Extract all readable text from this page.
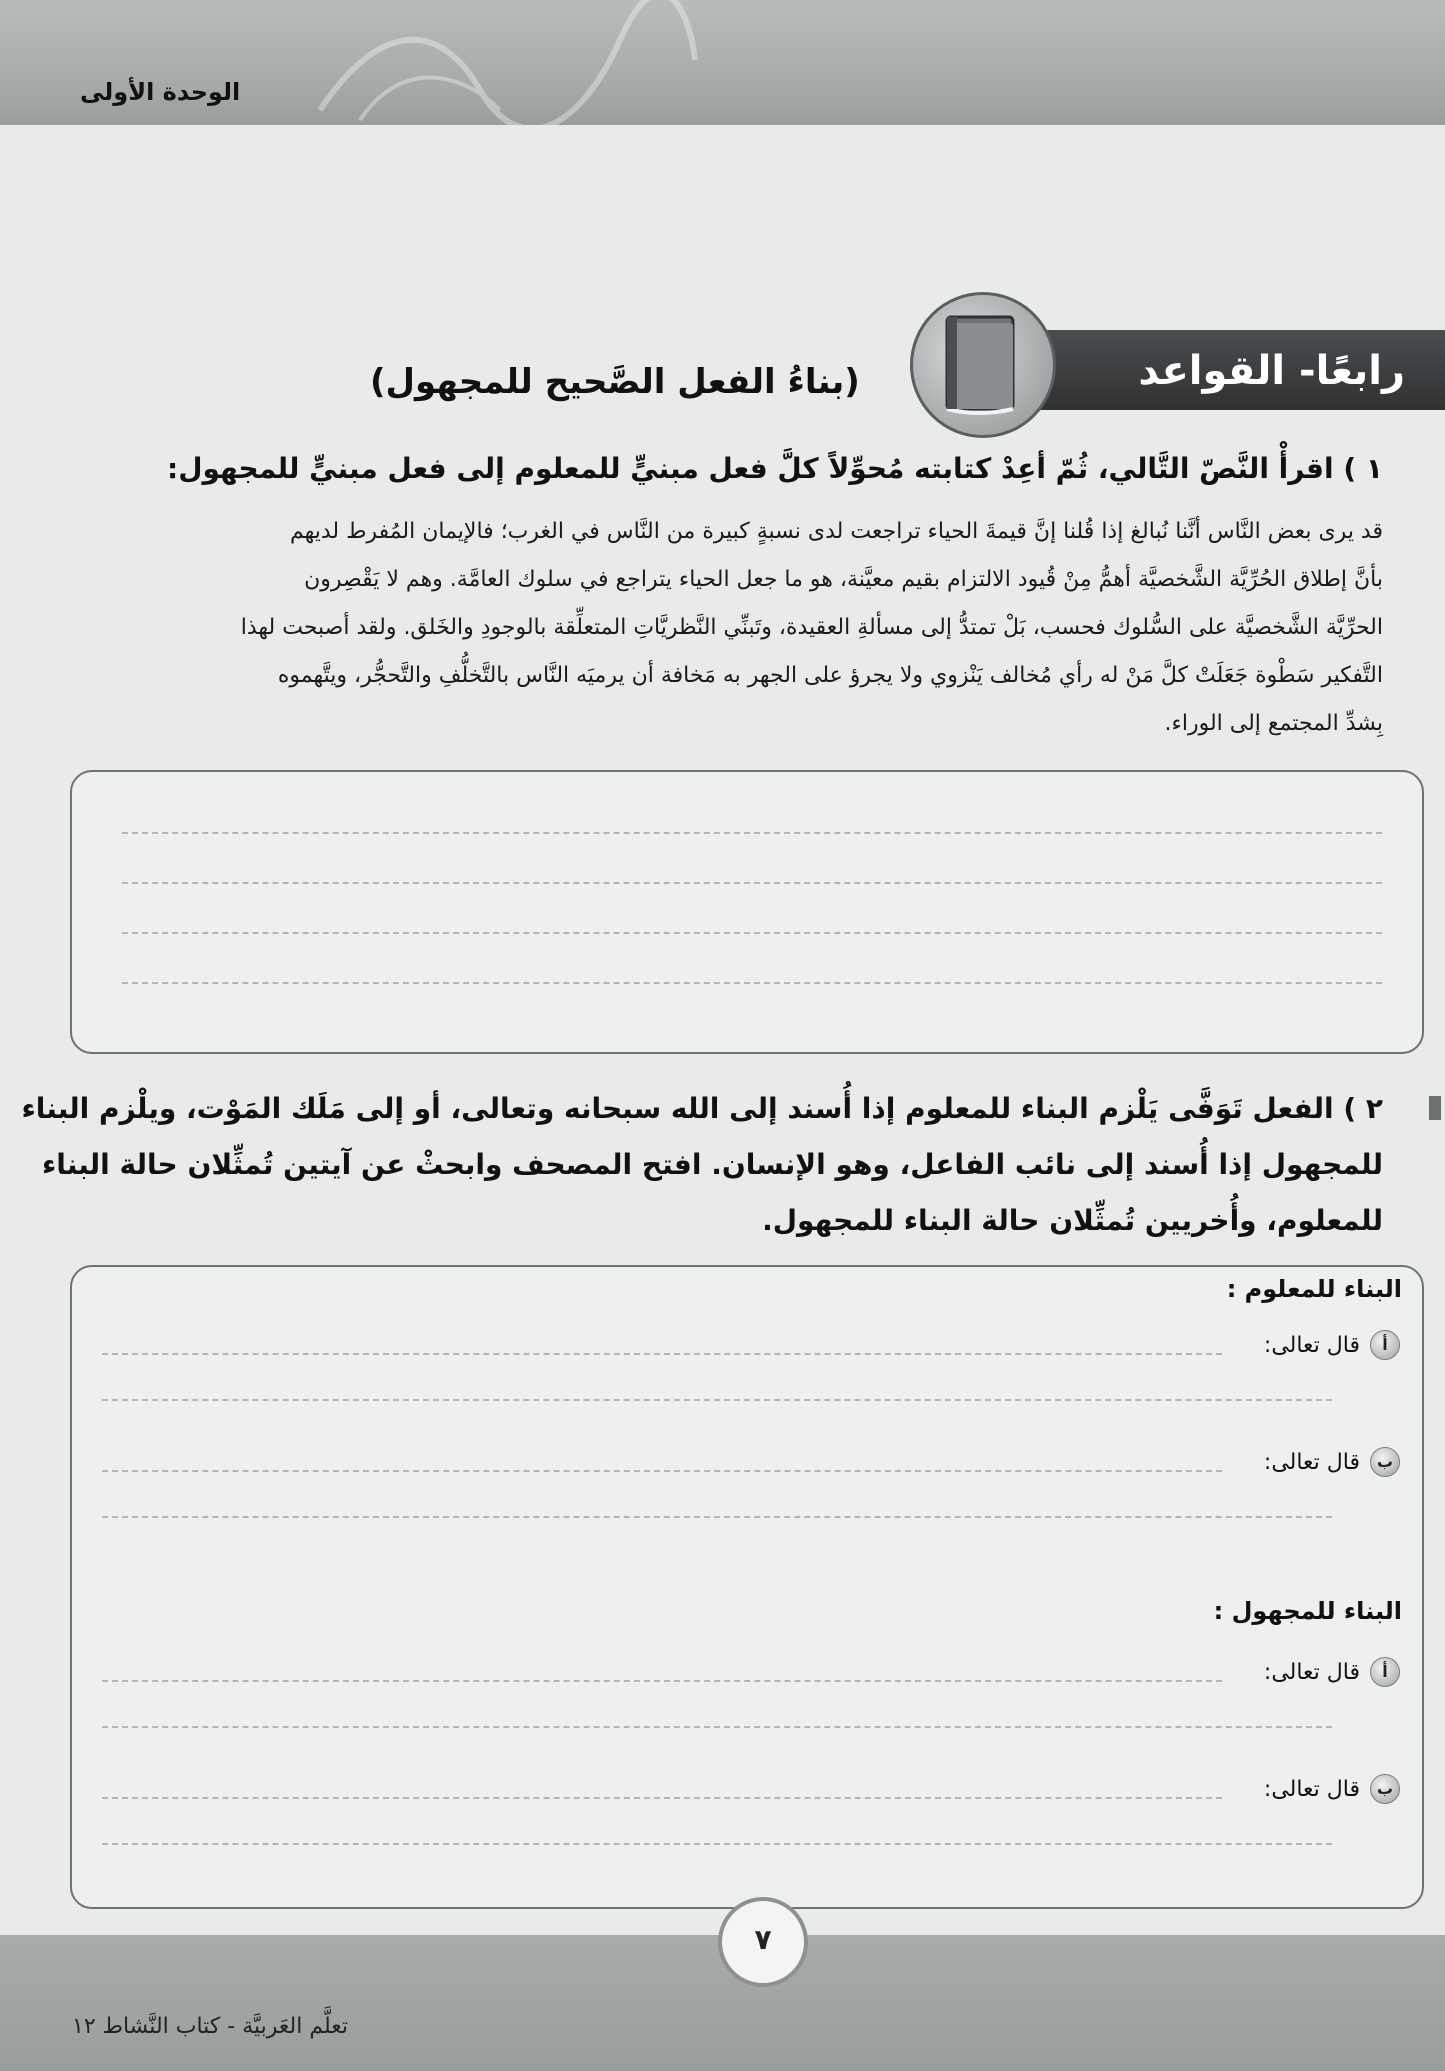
الوحدة الأولى
رابعًا- القواعد
(بناءُ الفعل الصَّحيح للمجهول)
١ ) اقرأْ النَّصّ التَّالي، ثُمّ أعِدْ كتابته مُحوِّلاً كلَّ فعل مبنيٍّ للمعلوم إلى فعل مبنيٍّ للمجهول:

قد يرى بعض النَّاس أنَّنا نُبالغ إذا قُلنا إنَّ قيمةَ الحياء تراجعت لدى نسبةٍ كبيرة من النَّاس في الغرب؛ فالإيمان المُفرط لديهم

بأنَّ إطلاق الحُرِّيَّة الشَّخصيَّة أهمُّ مِنْ قُيود الالتزام بقيم معيَّنة، هو ما جعل الحياء يتراجع في سلوك العامَّة. وهم لا يَقْصِرون

الحرِّيَّة الشَّخصيَّة على السُّلوك فحسب، بَلْ تمتدُّ إلى مسألةِ العقيدة، وتَبنِّي النَّظريَّاتِ المتعلِّقة بالوجودِ والخَلق. ولقد أصبحت لهذا

التَّفكير سَطْوة جَعَلَتْ كلَّ مَنْ له رأي مُخالف يَنْزوي ولا يجرؤ على الجهر به مَخافة أن يرميَه النَّاس بالتَّخلُّفِ والتَّحجُّر، ويتَّهموه

بِشدِّ المجتمع إلى الوراء.

٢ ) الفعل تَوَفَّى يَلْزم البناء للمعلوم إذا أُسند إلى الله سبحانه وتعالى، أو إلى مَلَك المَوْت، ويلْزم البناء
للمجهول إذا أُسند إلى نائب الفاعل، وهو الإنسان. افتح المصحف وابحثْ عن آيتين تُمثِّلان حالة البناء
للمعلوم، وأُخريين تُمثِّلان حالة البناء للمجهول.
البناء للمعلوم :
أ
قال تعالى:
ب
قال تعالى:
البناء للمجهول :
أ
قال تعالى:
ب
قال تعالى:
٧
تعلَّم العَربيَّة - كتاب النَّشاط ١٢
